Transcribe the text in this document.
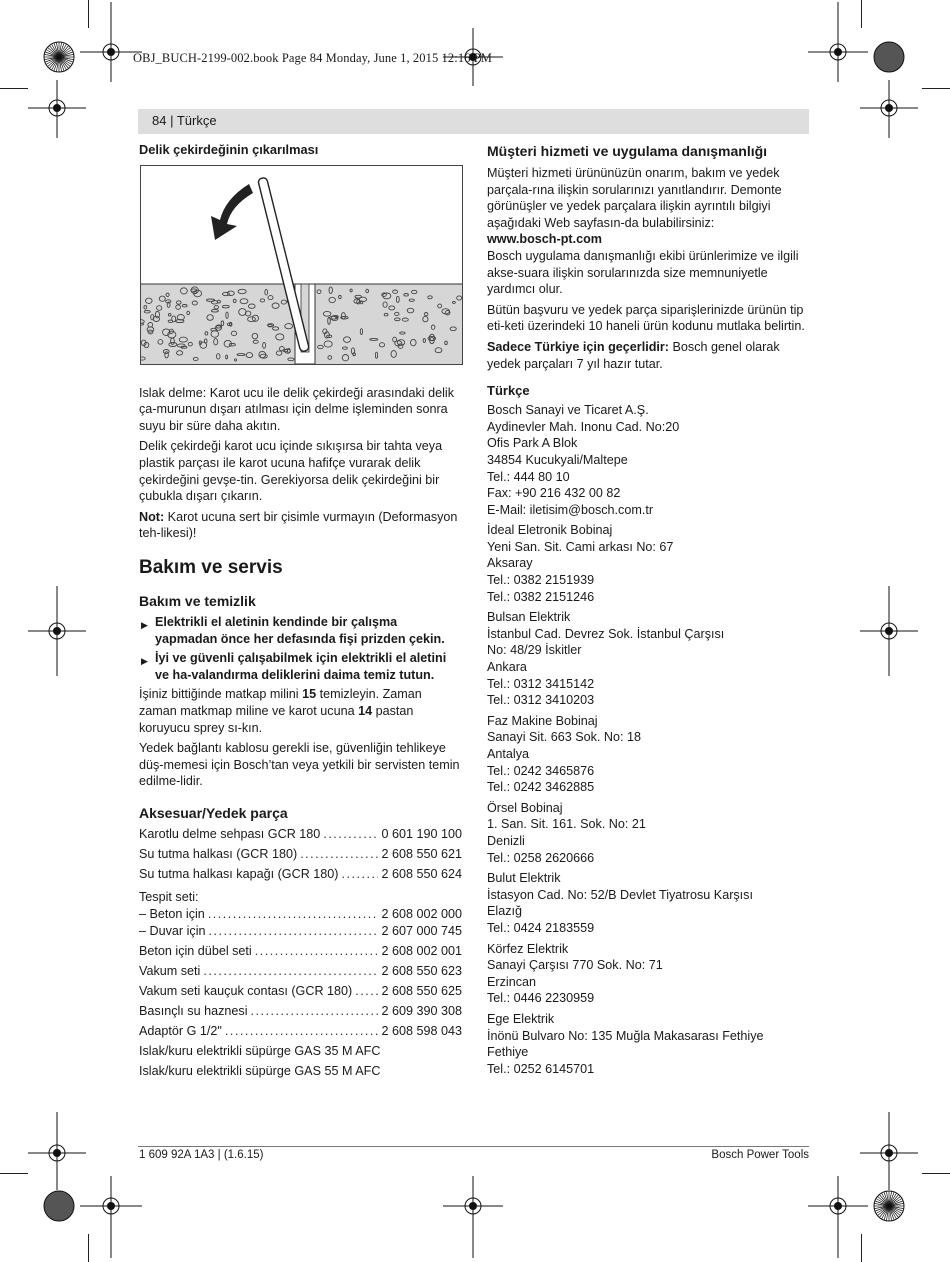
OBJ_BUCH-2199-002.book Page 84 Monday, June 1, 2015 12:16 PM
84 | Türkçe
Delik çekirdeğinin çıkarılması

Islak delme: Karot ucu ile delik çekirdeği arasındaki delik ça-murunun dışarı atılması için delme işleminden sonra suyu bir süre daha akıtın.

Delik çekirdeği karot ucu içinde sıkışırsa bir tahta veya plastik parçası ile karot ucuna hafifçe vurarak delik çekirdeğini gevşe-tin. Gerekiyorsa delik çekirdeğini bir çubukla dışarı çıkarın.

Not: Karot ucuna sert bir çisimle vurmayın (Deformasyon teh-likesi)!

Bakım ve servis
Bakım ve temizlik
▶ Elektrikli el aletinin kendinde bir çalışma yapmadan önce her defasında fişi prizden çekin.
▶ İyi ve güvenli çalışabilmek için elektrikli el aletini ve ha-valandırma deliklerini daima temiz tutun.

İşiniz bittiğinde matkap milini 15 temizleyin. Zaman zaman matkmap miline ve karot ucuna 14 pastan koruyucu sprey sı-kın.

Yedek bağlantı kablosu gerekli ise, güvenliğin tehlikeye düş-memesi için Bosch’tan veya yetkili bir servisten temin edilme-lidir.

Aksesuar/Yedek parça
Karotlu delme sehpası GCR 180 . . .	0 601 190 100
Su tutma halkası (GCR 180) . . .	2 608 550 621
Su tutma halkası kapağı (GCR 180) . . .	2 608 550 624
Tespit seti:
– Beton için . . .	2 608 002 000
– Duvar için . . .	2 607 000 745
Beton için dübel seti . . .	2 608 002 001
Vakum seti . . .	2 608 550 623
Vakum seti kauçuk contası (GCR 180) . . . 2 608 550 625
Basınçlı su haznesi . . .	2 609 390 308
Adaptör G 1/2" . . .	2 608 598 043
Islak/kuru elektrikli süpürge GAS 35 M AFC
Islak/kuru elektrikli süpürge GAS 55 M AFC
Müşteri hizmeti ve uygulama danışmanlığı

Müşteri hizmeti ürününüzün onarım, bakım ve yedek parçala-rına ilişkin sorularınızı yanıtlandırır. Demonte görünüşler ve yedek parçalara ilişkin ayrıntılı bilgiyi aşağıdaki Web sayfasın-da bulabilirsiniz:

www.bosch-pt.com

Bosch uygulama danışmanlığı ekibi ürünlerimize ve ilgili akse-suara ilişkin sorularınızda size memnuniyetle yardımcı olur.

Bütün başvuru ve yedek parça siparişlerinizde ürünün tip eti-keti üzerindeki 10 haneli ürün kodunu mutlaka belirtin.

Sadece Türkiye için geçerlidir: Bosch genel olarak yedek parçaları 7 yıl hazır tutar.

Türkçe
Bosch Sanayi ve Ticaret A.Ş.
Aydinevler Mah. Inonu Cad. No:20
Ofis Park A Blok
34854 Kucukyali/Maltepe
Tel.: 444 80 10
Fax: +90 216 432 00 82
E-Mail: iletisim@bosch.com.tr
İdeal Eletronik Bobinaj
Yeni San. Sit. Cami arkası No: 67
Aksaray
Tel.: 0382 2151939
Tel.: 0382 2151246
Bulsan Elektrik
İstanbul Cad. Devrez Sok. İstanbul Çarşısı
No: 48/29 İskitler
Ankara
Tel.: 0312 3415142
Tel.: 0312 3410203
Faz Makine Bobinaj
Sanayi Sit. 663 Sok. No: 18
Antalya
Tel.: 0242 3465876
Tel.: 0242 3462885
Örsel Bobinaj
1. San. Sit. 161. Sok. No: 21
Denizli
Tel.: 0258 2620666
Bulut Elektrik
İstasyon Cad. No: 52/B Devlet Tiyatrosu Karşısı
Elazığ
Tel.: 0424 2183559
Körfez Elektrik
Sanayi Çarşısı 770 Sok. No: 71
Erzincan
Tel.: 0446 2230959
Ege Elektrik
İnönü Bulvaro No: 135 Muğla Makasarası Fethiye
Fethiye
Tel.: 0252 6145701
1 609 92A 1A3 | (1.6.15)	Bosch Power Tools
